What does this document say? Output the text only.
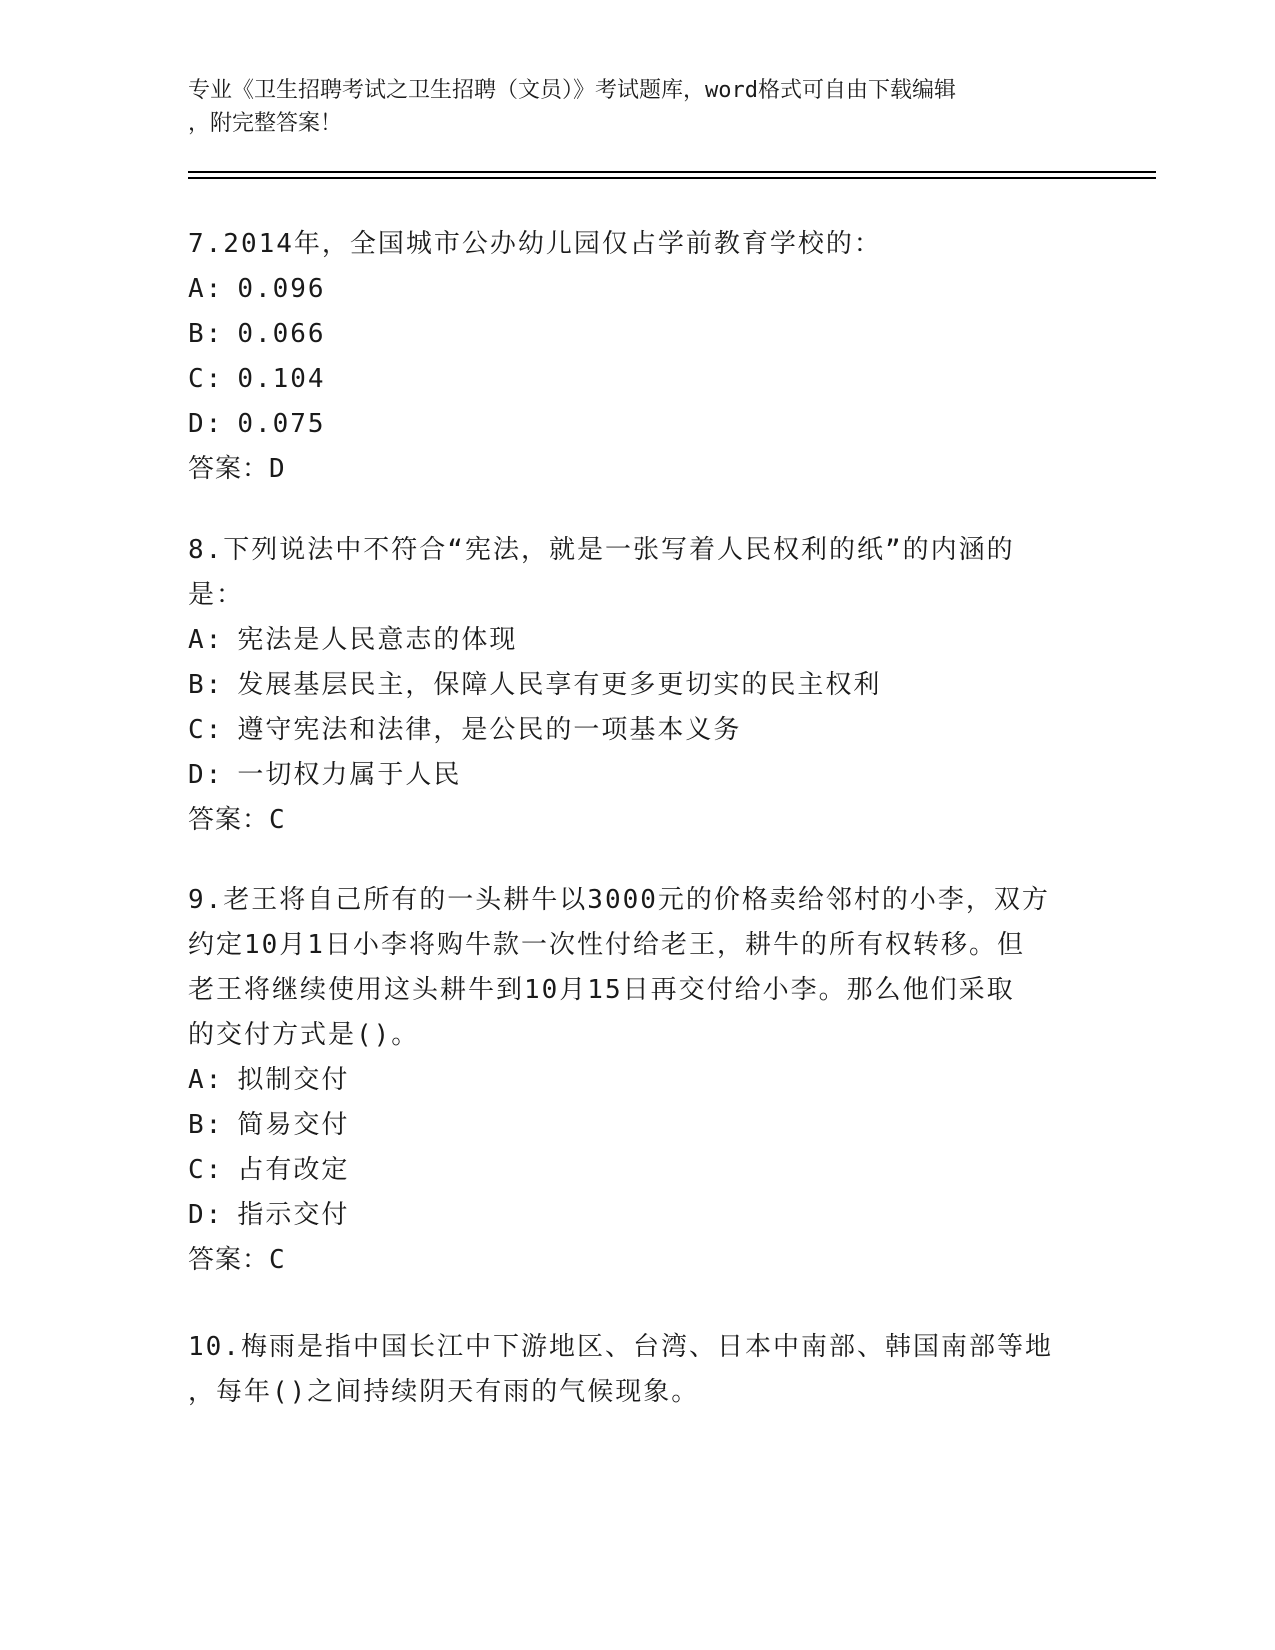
专业《卫生招聘考试之卫生招聘（文员）》考试题库，word格式可自由下载编辑
，附完整答案！
7.2014年，全国城市公办幼儿园仅占学前教育学校的：
A: 0.096
B: 0.066
C: 0.104
D: 0.075
答案：D
8.下列说法中不符合“宪法，就是一张写着人民权利的纸”的内涵的
是：
A: 宪法是人民意志的体现
B: 发展基层民主，保障人民享有更多更切实的民主权利
C: 遵守宪法和法律，是公民的一项基本义务
D: 一切权力属于人民
答案：C
9.老王将自己所有的一头耕牛以3000元的价格卖给邻村的小李，双方
约定10月1日小李将购牛款一次性付给老王，耕牛的所有权转移。但
老王将继续使用这头耕牛到10月15日再交付给小李。那么他们采取
的交付方式是()。
A: 拟制交付
B: 简易交付
C: 占有改定
D: 指示交付
答案：C
10.梅雨是指中国长江中下游地区、台湾、日本中南部、韩国南部等地
，每年()之间持续阴天有雨的气候现象。
